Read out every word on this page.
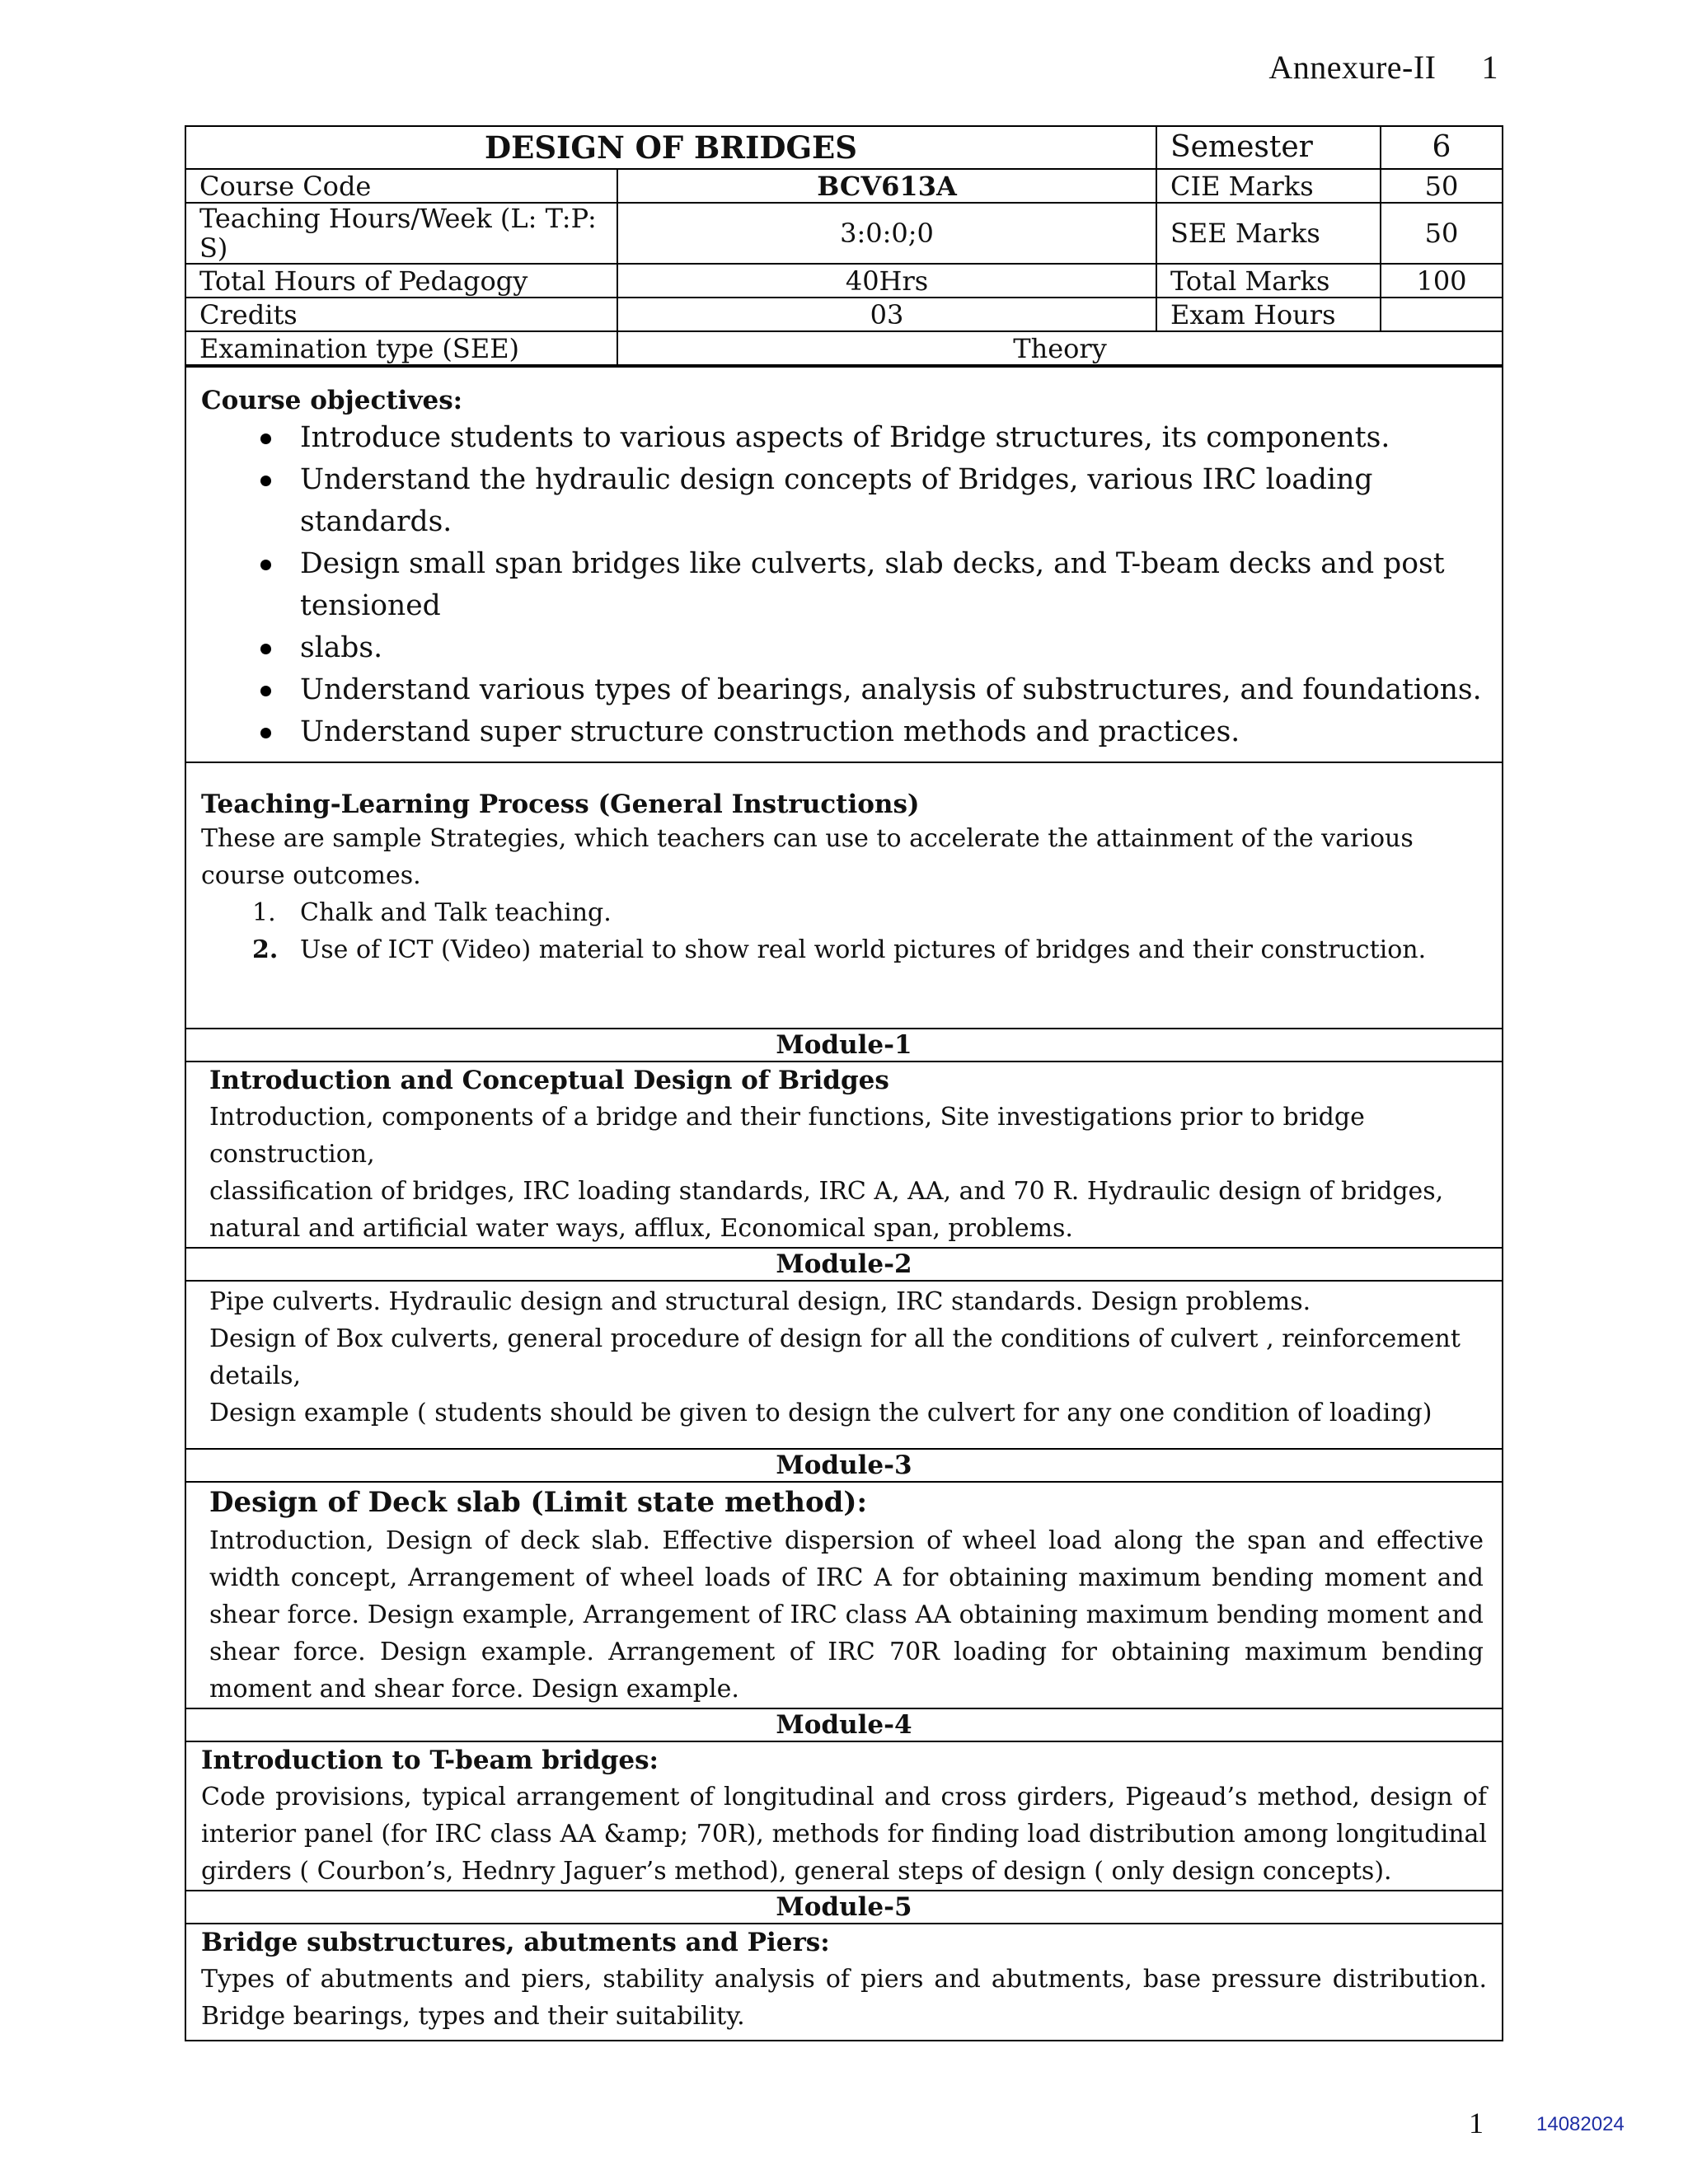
Annexure-II 1
DESIGN OF BRIDGES		Semester	6
Course Code	BCV613A	CIE Marks	50
Teaching Hours/Week (L: T:P: S)	3:0:0;0	SEE Marks	50
Total Hours of Pedagogy	40Hrs	Total Marks	100
Credits	03	Exam Hours	
Examination type (SEE)	Theory		
Course objectives:
Introduce students to various aspects of Bridge structures, its components.
Understand the hydraulic design concepts of Bridges, various IRC loading standards.
Design small span bridges like culverts, slab decks, and T-beam decks and post tensioned
slabs.
Understand various types of bearings, analysis of substructures, and foundations.
Understand super structure construction methods and practices.
Teaching-Learning Process (General Instructions)
These are sample Strategies, which teachers can use to accelerate the attainment of the various course outcomes.
1. Chalk and Talk teaching.
2. Use of ICT (Video) material to show real world pictures of bridges and their construction.
Module-1
Introduction and Conceptual Design of Bridges
Introduction, components of a bridge and their functions, Site investigations prior to bridge construction,
classification of bridges, IRC loading standards, IRC A, AA, and 70 R. Hydraulic design of bridges,
natural and artificial water ways, afflux, Economical span, problems.
Module-2
Pipe culverts. Hydraulic design and structural design, IRC standards. Design problems.
Design of Box culverts, general procedure of design for all the conditions of culvert , reinforcement details,
Design example ( students should be given to design the culvert for any one condition of loading)
Module-3
Design of Deck slab (Limit state method):
Introduction, Design of deck slab. Effective dispersion of wheel load along the span and effective width concept, Arrangement of wheel loads of IRC A for obtaining maximum bending moment and shear force. Design example, Arrangement of IRC class AA obtaining maximum bending moment and shear force. Design example. Arrangement of IRC 70R loading for obtaining maximum bending moment and shear force. Design example.
Module-4
Introduction to T-beam bridges:
Code provisions, typical arrangement of longitudinal and cross girders, Pigeaud’s method, design of interior panel (for IRC class AA &amp; 70R), methods for finding load distribution among longitudinal girders ( Courbon’s, Hednry Jaguer’s method), general steps of design ( only design concepts).
Module-5
Bridge substructures, abutments and Piers:
Types of abutments and piers, stability analysis of piers and abutments, base pressure distribution. Bridge bearings, types and their suitability.
1	14082024
